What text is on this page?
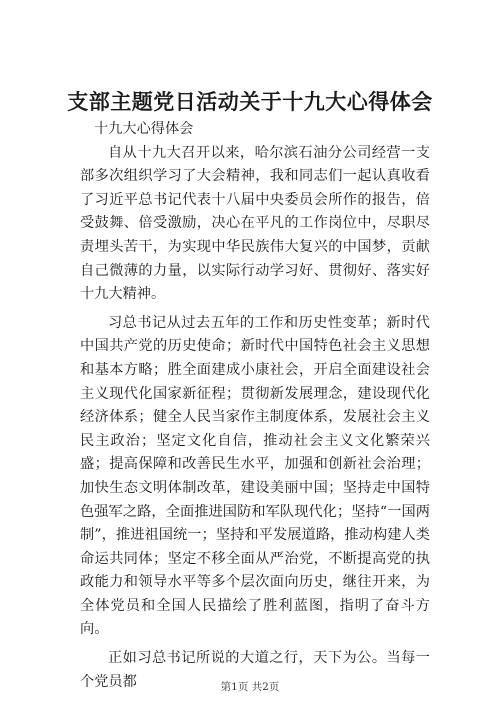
支部主题党日活动关于十九大心得体会

十九大心得体会

自从十九大召开以来，哈尔滨石油分公司经营一支部多次组织学习了大会精神，我和同志们一起认真收看了习近平总书记代表十八届中央委员会所作的报告，倍受鼓舞、倍受激励，决心在平凡的工作岗位中，尽职尽责埋头苦干，为实现中华民族伟大复兴的中国梦，贡献自己微薄的力量，以实际行动学习好、贯彻好、落实好十九大精神。

习总书记从过去五年的工作和历史性变革；新时代中国共产党的历史使命；新时代中国特色社会主义思想和基本方略；胜全面建成小康社会，开启全面建设社会主义现代化国家新征程；贯彻新发展理念，建设现代化经济体系；健全人民当家作主制度体系，发展社会主义民主政治；坚定文化自信，推动社会主义文化繁荣兴盛；提高保障和改善民生水平，加强和创新社会治理；加快生态文明体制改革，建设美丽中国；坚持走中国特色强军之路，全面推进国防和军队现代化；坚持“一国两制”，推进祖国统一；坚持和平发展道路，推动构建人类命运共同体；坚定不移全面从严治党，不断提高党的执政能力和领导水平等多个层次面向历史，继往开来，为全体党员和全国人民描绘了胜利蓝图，指明了奋斗方向。

正如习总书记所说的大道之行，天下为公。当每一个党员都	第1页 共2页
